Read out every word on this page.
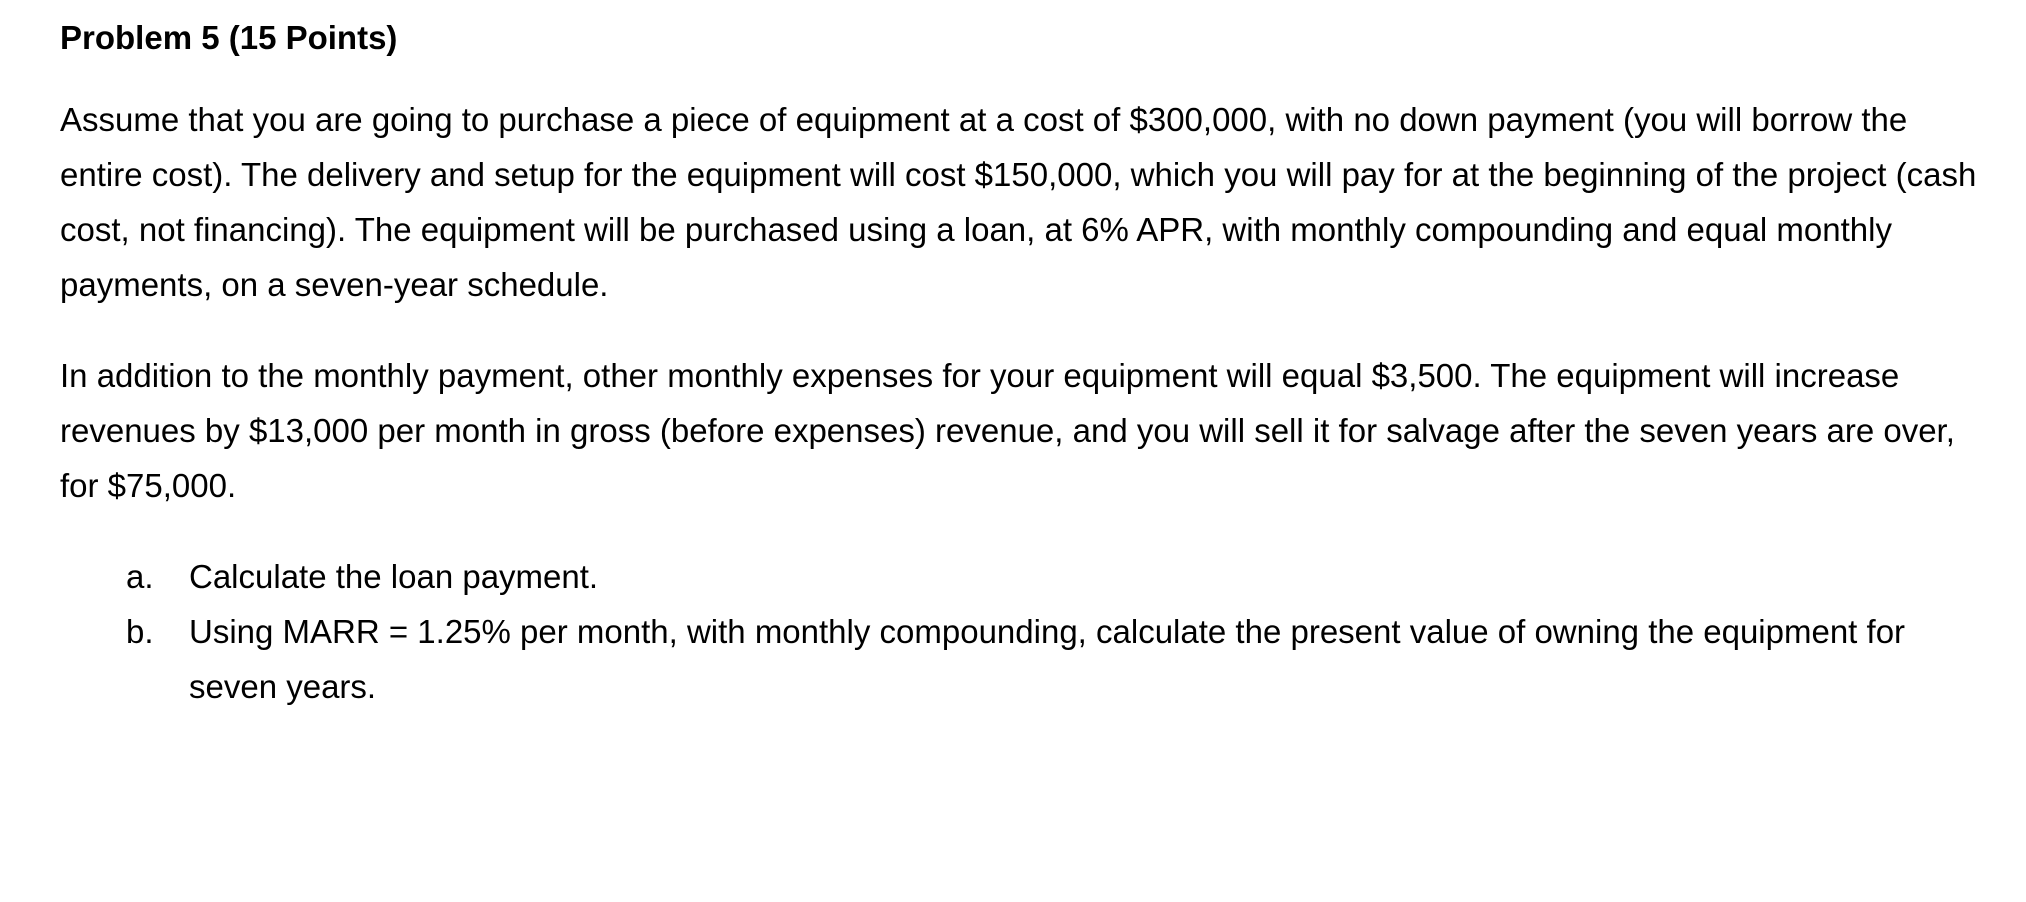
Problem 5 (15 Points)

Assume that you are going to purchase a piece of equipment at a cost of $300,000, with no down payment (you will borrow the entire cost). The delivery and setup for the equipment will cost $150,000, which you will pay for at the beginning of the project (cash cost, not financing). The equipment will be purchased using a loan, at 6% APR, with monthly compounding and equal monthly payments, on a seven-year schedule.

In addition to the monthly payment, other monthly expenses for your equipment will equal $3,500. The equipment will increase revenues by $13,000 per month in gross (before expenses) revenue, and you will sell it for salvage after the seven years are over, for $75,000.

a. Calculate the loan payment.
b. Using MARR = 1.25% per month, with monthly compounding, calculate the present value of owning the equipment for seven years.
